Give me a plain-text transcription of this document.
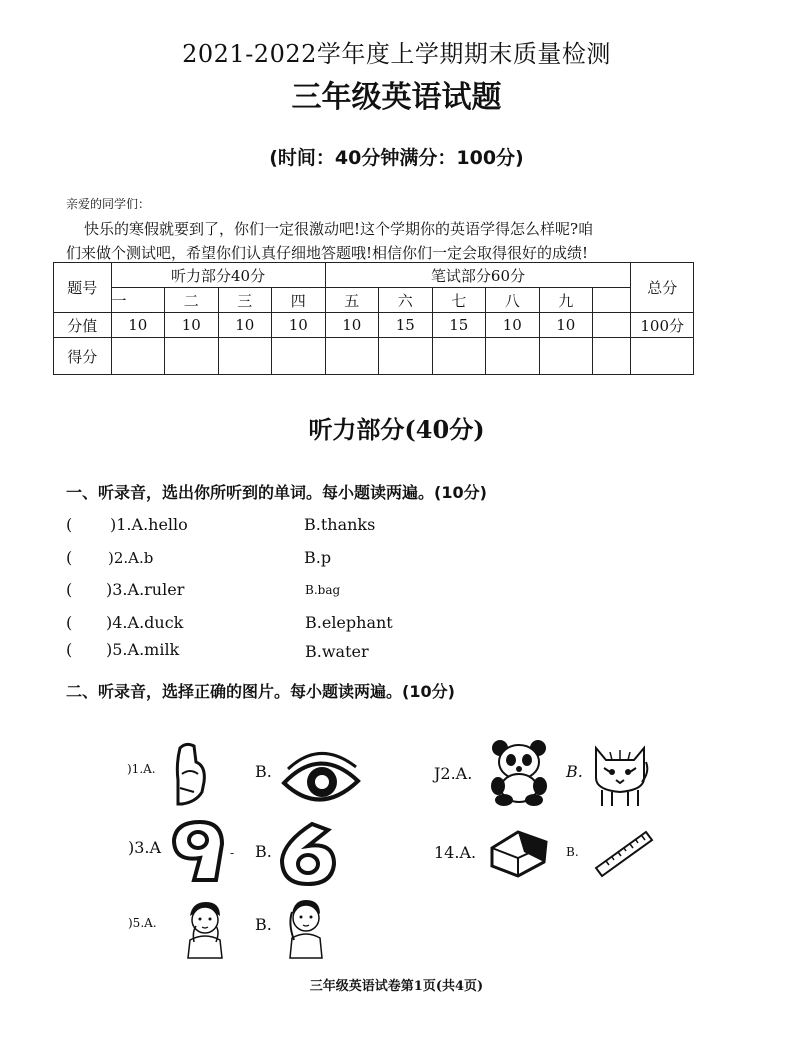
2021-2022学年度上学期期末质量检测
三年级英语试题
(时间：40分钟满分：100分)
亲爱的同学们：
快乐的寒假就要到了，你们一定很激动吧!这个学期你的英语学得怎么样呢?咱
们来做个测试吧，希望你们认真仔细地答题哦!相信你们一定会取得很好的成绩!
题号	听力部分40分				笔试部分60分						总分
	一	二	三	四	五	六	七	八	九		
分值	10	10	10	10	10	15	15	10	10		100分
得分											
听力部分(40分)
一、听录音，选出你所听到的单词。每小题读两遍。(10分)
( )1.A.hello	B.thanks
( )2.A.b	B.p
( )3.A.ruler	B.bag
( )4.A.duck	B.elephant
( )5.A.milk	B.water
二、听录音，选择正确的图片。每小题读两遍。(10分)
)1.A.	B.	J2.A.	B.
)3.A	- B.	14.A.	B.
)5.A.	B.
三年级英语试卷第1页(共4页)
